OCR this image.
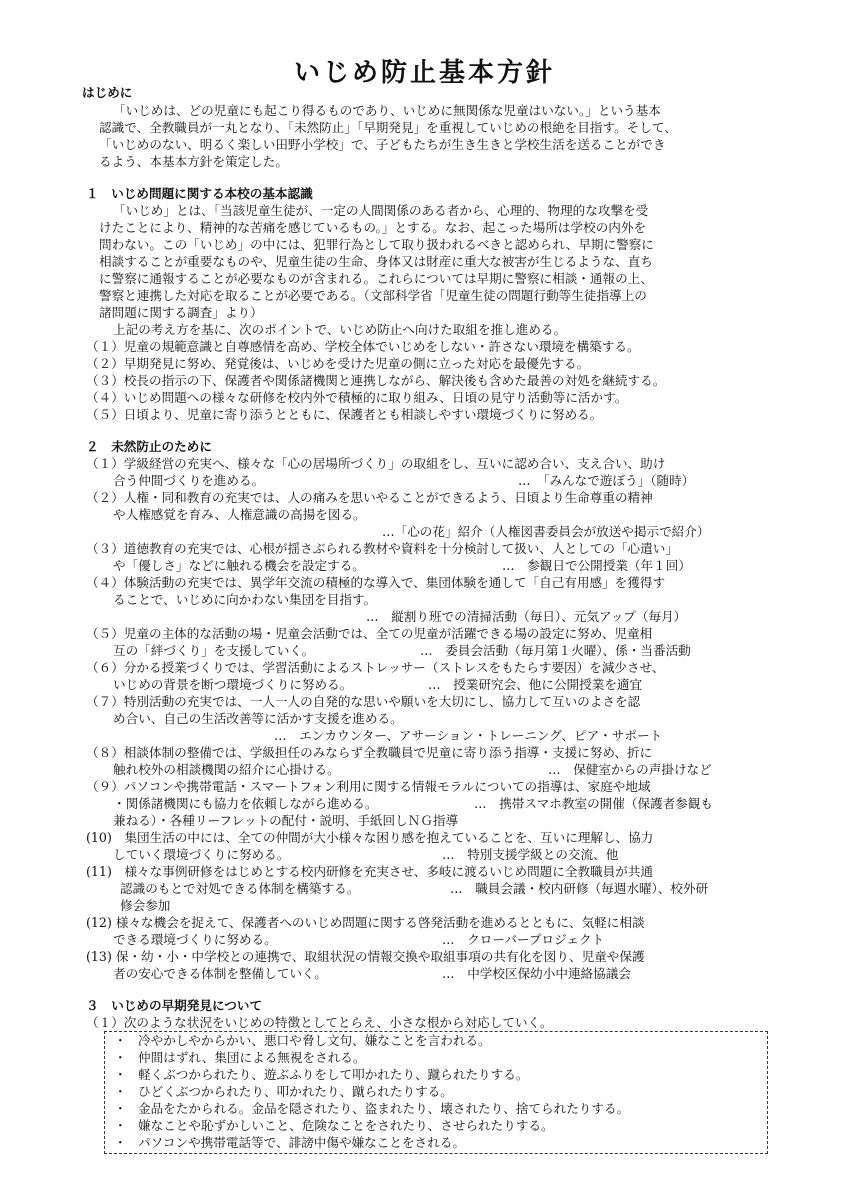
いじめ防止基本方針
はじめに
「いじめは、どの児童にも起こり得るものであり、いじめに無関係な児童はいない。」という基本
認識で、全教職員が一丸となり、「未然防止」「早期発見」を重視していじめの根絶を目指す。そして、
「いじめのない、明るく楽しい田野小学校」で、子どもたちが生き生きと学校生活を送ることができ
るよう、本基本方針を策定した。
１　いじめ問題に関する本校の基本認識
「いじめ」とは、「当該児童生徒が、一定の人間関係のある者から、心理的、物理的な攻撃を受
けたことにより、精神的な苦痛を感じているもの。」とする。なお、起こった場所は学校の内外を
問わない。この「いじめ」の中には、犯罪行為として取り扱われるべきと認められ、早期に警察に
相談することが重要なものや、児童生徒の生命、身体又は財産に重大な被害が生じるような、直ち
に警察に通報することが必要なものが含まれる。これらについては早期に警察に相談・通報の上、
警察と連携した対応を取ることが必要である。（文部科学省「児童生徒の問題行動等生徒指導上の
諸問題に関する調査」より）
上記の考え方を基に、次のポイントで、いじめ防止へ向けた取組を推し進める。
（１）児童の規範意識と自尊感情を高め、学校全体でいじめをしない・許さない環境を構築する。
（２）早期発見に努め、発覚後は、いじめを受けた児童の側に立った対応を最優先する。
（３）校長の指示の下、保護者や関係諸機関と連携しながら、解決後も含めた最善の対処を継続する。
（４）いじめ問題への様々な研修を校内外で積極的に取り組み、日頃の見守り活動等に活かす。
（５）日頃より、児童に寄り添うとともに、保護者とも相談しやすい環境づくりに努める。
２　未然防止のために
（１）学級経営の充実へ、様々な「心の居場所づくり」の取組をし、互いに認め合い、支え合い、助け
合う仲間づくりを進める。	…　「みんなで遊ぼう」（随時）
（２）人権・同和教育の充実では、人の痛みを思いやることができるよう、日頃より生命尊重の精神
や人権感覚を育み、人権意識の高揚を図る。
…「心の花」紹介（人権図書委員会が放送や掲示で紹介）
（３）道徳教育の充実では、心根が揺さぶられる教材や資料を十分検討して扱い、人としての「心遣い」
や「優しさ」などに触れる機会を設定する。	…　参観日で公開授業（年１回）
（４）体験活動の充実では、異学年交流の積極的な導入で、集団体験を通して「自己有用感」を獲得す
ることで、いじめに向かわない集団を目指す。
…　縦割り班での清掃活動（毎日）、元気アップ（毎月）
（５）児童の主体的な活動の場・児童会活動では、全ての児童が活躍できる場の設定に努め、児童相
互の「絆づくり」を支援していく。	…　委員会活動（毎月第１火曜）、係・当番活動
（６）分かる授業づくりでは、学習活動によるストレッサー（ストレスをもたらす要因）を減少させ、
いじめの背景を断つ環境づくりに努める。	…　授業研究会、他に公開授業を適宜
（７）特別活動の充実では、一人一人の自発的な思いや願いを大切にし、協力して互いのよさを認
め合い、自己の生活改善等に活かす支援を進める。
…　エンカウンター、アサーション・トレーニング、ピア・サポート
（８）相談体制の整備では、学級担任のみならず全教職員で児童に寄り添う指導・支援に努め、折に
触れ校外の相談機関の紹介に心掛ける。	…　保健室からの声掛けなど
（９）パソコンや携帯電話・スマートフォン利用に関する情報モラルについての指導は、家庭や地域
・関係諸機関にも協力を依頼しながら進める。	…　携帯スマホ教室の開催（保護者参観も
兼ねる）・各種リーフレットの配付・説明、手紙回しＮＧ指導
(10)　集団生活の中には、全ての仲間が大小様々な困り感を抱えていることを、互いに理解し、協力
していく環境づくりに努める。	…　特別支援学級との交流、他
(11)　様々な事例研修をはじめとする校内研修を充実させ、多岐に渡るいじめ問題に全教職員が共通
認識のもとで対処できる体制を構築する。	…　職員会議・校内研修（毎週水曜）、校外研
修会参加
(12) 様々な機会を捉えて、保護者へのいじめ問題に関する啓発活動を進めるとともに、気軽に相談
できる環境づくりに努める。	…　クローバープロジェクト
(13) 保・幼・小・中学校との連携で、取組状況の情報交換や取組事項の共有化を図り、児童や保護
者の安心できる体制を整備していく。	…　中学校区保幼小中連絡協議会
３　いじめの早期発見について
（１）次のような状況をいじめの特徴としてとらえ、小さな根から対応していく。
・ 冷やかしやからかい、悪口や脅し文句、嫌なことを言われる。
・ 仲間はずれ、集団による無視をされる。
・ 軽くぶつかられたり、遊ぶふりをして叩かれたり、蹴られたりする。
・ ひどくぶつかられたり、叩かれたり、蹴られたりする。
・ 金品をたかられる。金品を隠されたり、盗まれたり、壊されたり、捨てられたりする。
・ 嫌なことや恥ずかしいこと、危険なことをされたり、させられたりする。
・ パソコンや携帯電話等で、誹謗中傷や嫌なことをされる。
